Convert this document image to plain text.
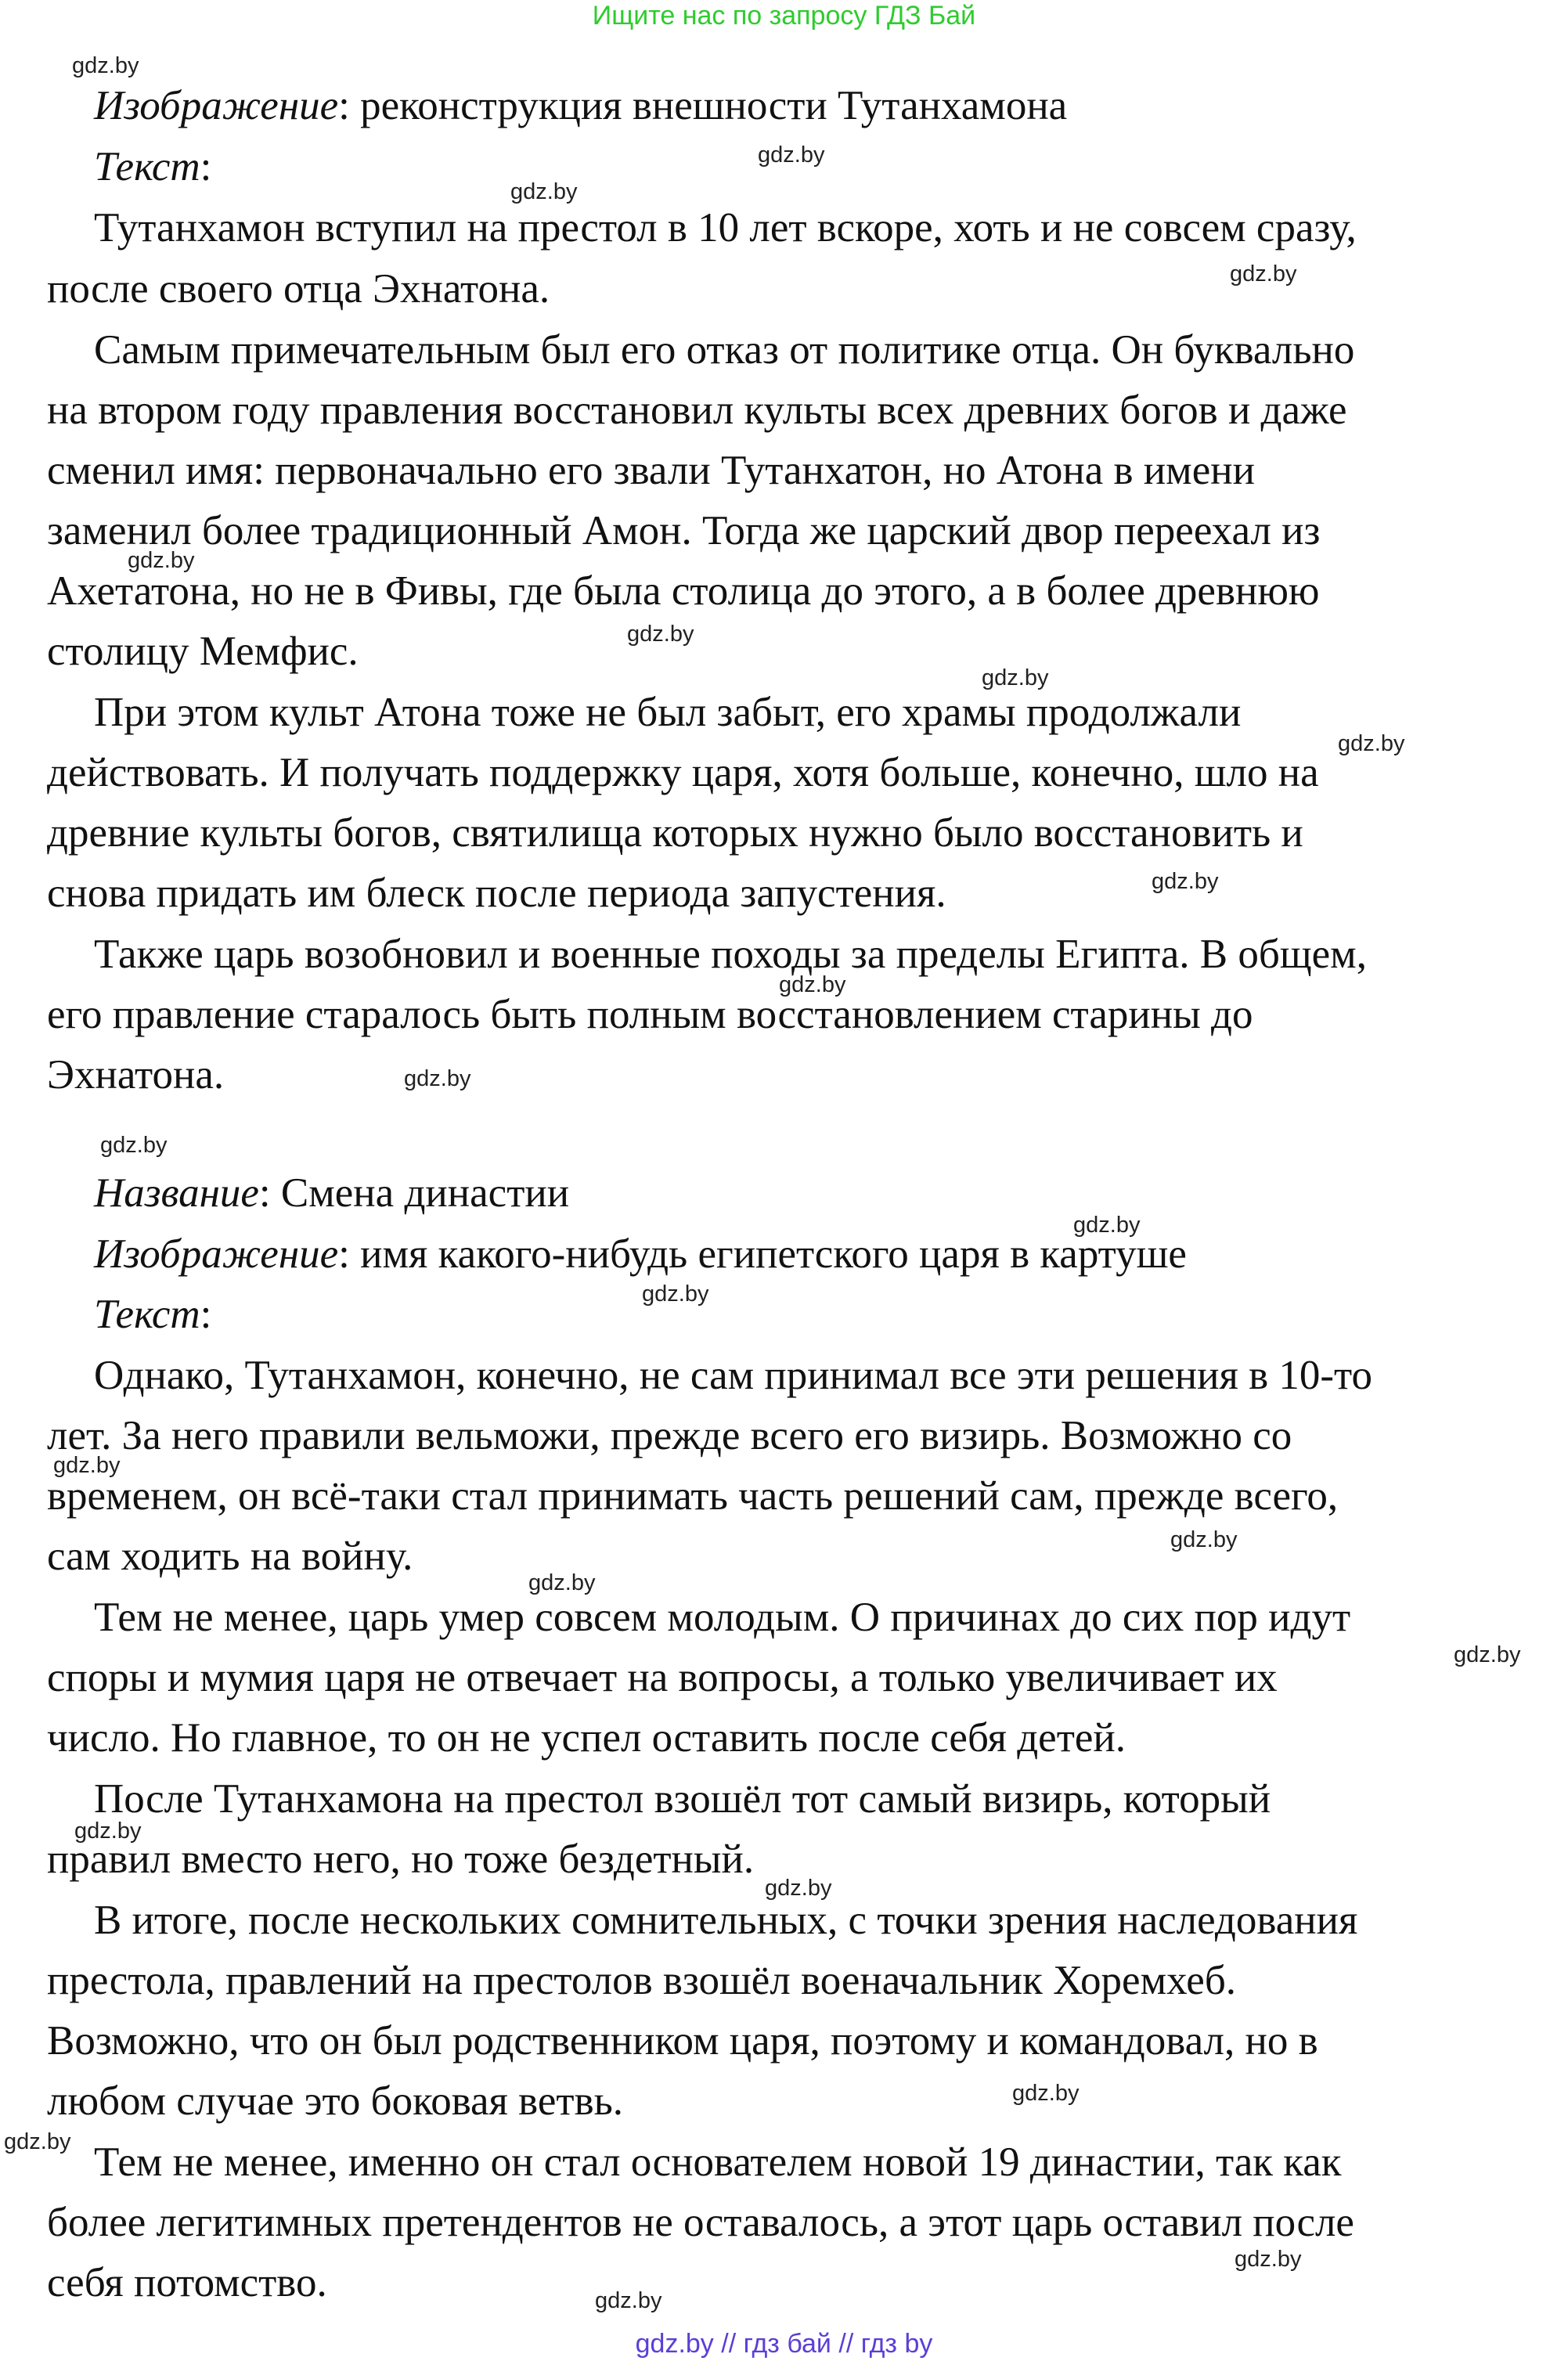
Ищите нас по запросу ГДЗ Бай

Изображение: реконструкция внешности Тутанхамона

Текст:

Тутанхамон вступил на престол в 10 лет вскоре, хоть и не совсем сразу,

после своего отца Эхнатона.

Самым примечательным был его отказ от политике отца. Он буквально

на втором году правления восстановил культы всех древних богов и даже

сменил имя: первоначально его звали Тутанхатон, но Атона в имени

заменил более традиционный Амон. Тогда же царский двор переехал из

Ахетатона, но не в Фивы, где была столица до этого, а в более древнюю

столицу Мемфис.

При этом культ Атона тоже не был забыт, его храмы продолжали

действовать. И получать поддержку царя, хотя больше, конечно, шло на

древние культы богов, святилища которых нужно было восстановить и

снова придать им блеск после периода запустения.

Также царь возобновил и военные походы за пределы Египта. В общем,

его правление старалось быть полным восстановлением старины до

Эхнатона.

Название: Смена династии

Изображение: имя какого-нибудь египетского царя в картуше

Текст:

Однако, Тутанхамон, конечно, не сам принимал все эти решения в 10-то

лет. За него правили вельможи, прежде всего его визирь. Возможно со

временем, он всё-таки стал принимать часть решений сам, прежде всего,

сам ходить на войну.

Тем не менее, царь умер совсем молодым. О причинах до сих пор идут

споры и мумия царя не отвечает на вопросы, а только увеличивает их

число. Но главное, то он не успел оставить после себя детей.

После Тутанхамона на престол взошёл тот самый визирь, который

правил вместо него, но тоже бездетный.

В итоге, после нескольких сомнительных, с точки зрения наследования

престола, правлений на престолов взошёл военачальник Хоремхеб.

Возможно, что он был родственником царя, поэтому и командовал, но в

любом случае это боковая ветвь.

Тем не менее, именно он стал основателем новой 19 династии, так как

более легитимных претендентов не оставалось, а этот царь оставил после

себя потомство.

gdz.by
gdz.by
gdz.by
gdz.by
gdz.by
gdz.by
gdz.by
gdz.by
gdz.by
gdz.by
gdz.by
gdz.by
gdz.by
gdz.by
gdz.by
gdz.by
gdz.by
gdz.by
gdz.by
gdz.by
gdz.by
gdz.by
gdz.by
gdz.by
gdz.by // гдз бай // гдз by
